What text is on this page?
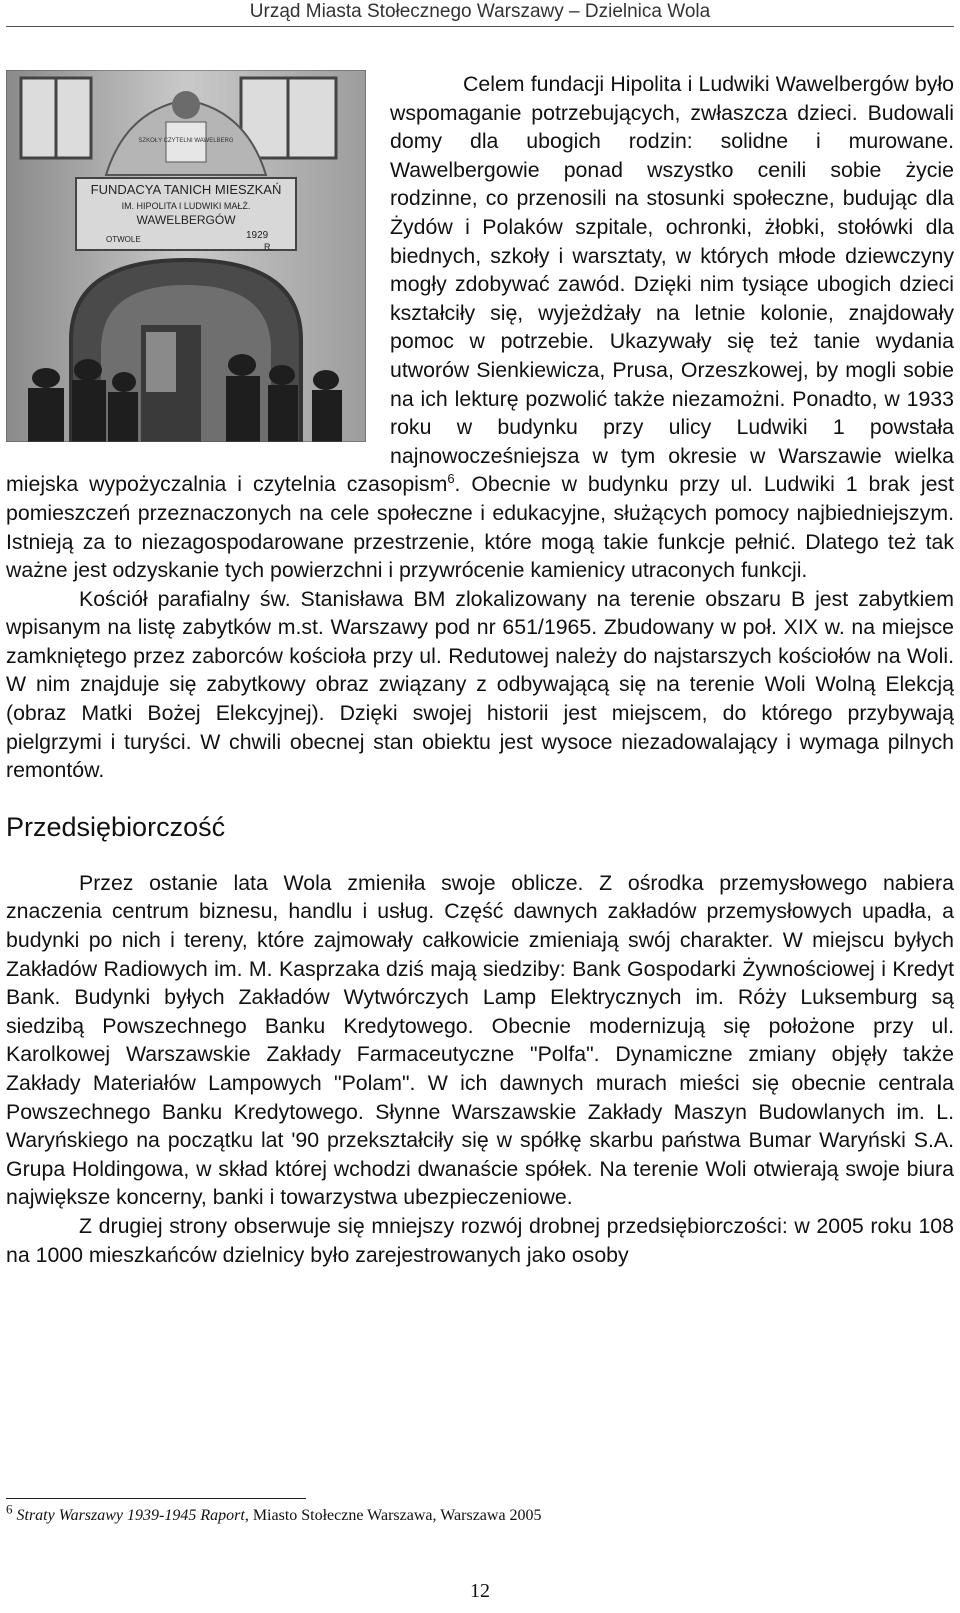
Urząd Miasta Stołecznego Warszawy – Dzielnica Wola

SZKOŁY CZYTELNI WAWELBERG
FUNDACYA TANICH MIESZKAŃ
IM. HIPOLITA I LUDWIKI MAŁŻ.
WAWELBERGÓW
OTWOLE	1929
R.
Celem fundacji Hipolita i Ludwiki Wawelbergów było wspomaganie potrzebujących, zwłaszcza dzieci. Budowali domy dla ubogich rodzin: solidne i murowane. Wawelbergowie ponad wszystko cenili sobie życie rodzinne, co przenosili na stosunki społeczne, budując dla Żydów i Polaków szpitale, ochronki, żłobki, stołówki dla biednych, szkoły i warsztaty, w których młode dziewczyny mogły zdobywać zawód. Dzięki nim tysiące ubogich dzieci kształciły się, wyjeżdżały na letnie kolonie, znajdowały pomoc w potrzebie. Ukazywały się też tanie wydania utworów Sienkiewicza, Prusa, Orzeszkowej, by mogli sobie na ich lekturę pozwolić także niezamożni. Ponadto, w 1933 roku w budynku przy ulicy Ludwiki 1 powstała najnowocześniejsza w tym okresie w Warszawie wielka miejska wypożyczalnia i czytelnia czasopism$^6$. Obecnie w budynku przy ul. Ludwiki 1 brak jest pomieszczeń przeznaczonych na cele społeczne i edukacyjne, służących pomocy najbiedniejszym. Istnieją za to niezagospodarowane przestrzenie, które mogą takie funkcje pełnić. Dlatego też tak ważne jest odzyskanie tych powierzchni i przywrócenie kamienicy utraconych funkcji.

Kościół parafialny św. Stanisława BM zlokalizowany na terenie obszaru B jest zabytkiem wpisanym na listę zabytków m.st. Warszawy pod nr 651/1965. Zbudowany w poł. XIX w. na miejsce zamkniętego przez zaborców kościoła przy ul. Redutowej należy do najstarszych kościołów na Woli. W nim znajduje się zabytkowy obraz związany z odbywającą się na terenie Woli Wolną Elekcją (obraz Matki Bożej Elekcyjnej). Dzięki swojej historii jest miejscem, do którego przybywają pielgrzymi i turyści. W chwili obecnej stan obiektu jest wysoce niezadowalający i wymaga pilnych remontów.

Przedsiębiorczość

Przez ostanie lata Wola zmieniła swoje oblicze. Z ośrodka przemysłowego nabiera znaczenia centrum biznesu, handlu i usług. Część dawnych zakładów przemysłowych upadła, a budynki po nich i tereny, które zajmowały całkowicie zmieniają swój charakter. W miejscu byłych Zakładów Radiowych im. M. Kasprzaka dziś mają siedziby: Bank Gospodarki Żywnościowej i Kredyt Bank. Budynki byłych Zakładów Wytwórczych Lamp Elektrycznych im. Róży Luksemburg są siedzibą Powszechnego Banku Kredytowego. Obecnie modernizują się położone przy ul. Karolkowej Warszawskie Zakłady Farmaceutyczne "Polfa". Dynamiczne zmiany objęły także Zakłady Materiałów Lampowych "Polam". W ich dawnych murach mieści się obecnie centrala Powszechnego Banku Kredytowego. Słynne Warszawskie Zakłady Maszyn Budowlanych im. L. Waryńskiego na początku lat '90 przekształciły się w spółkę skarbu państwa Bumar Waryński S.A. Grupa Holdingowa, w skład której wchodzi dwanaście spółek. Na terenie Woli otwierają swoje biura największe koncerny, banki i towarzystwa ubezpieczeniowe.

Z drugiej strony obserwuje się mniejszy rozwój drobnej przedsiębiorczości: w 2005 roku 108 na 1000 mieszkańców dzielnicy było zarejestrowanych jako osoby

$^6$ Straty Warszawy 1939-1945 Raport, Miasto Stołeczne Warszawa, Warszawa 2005
12
